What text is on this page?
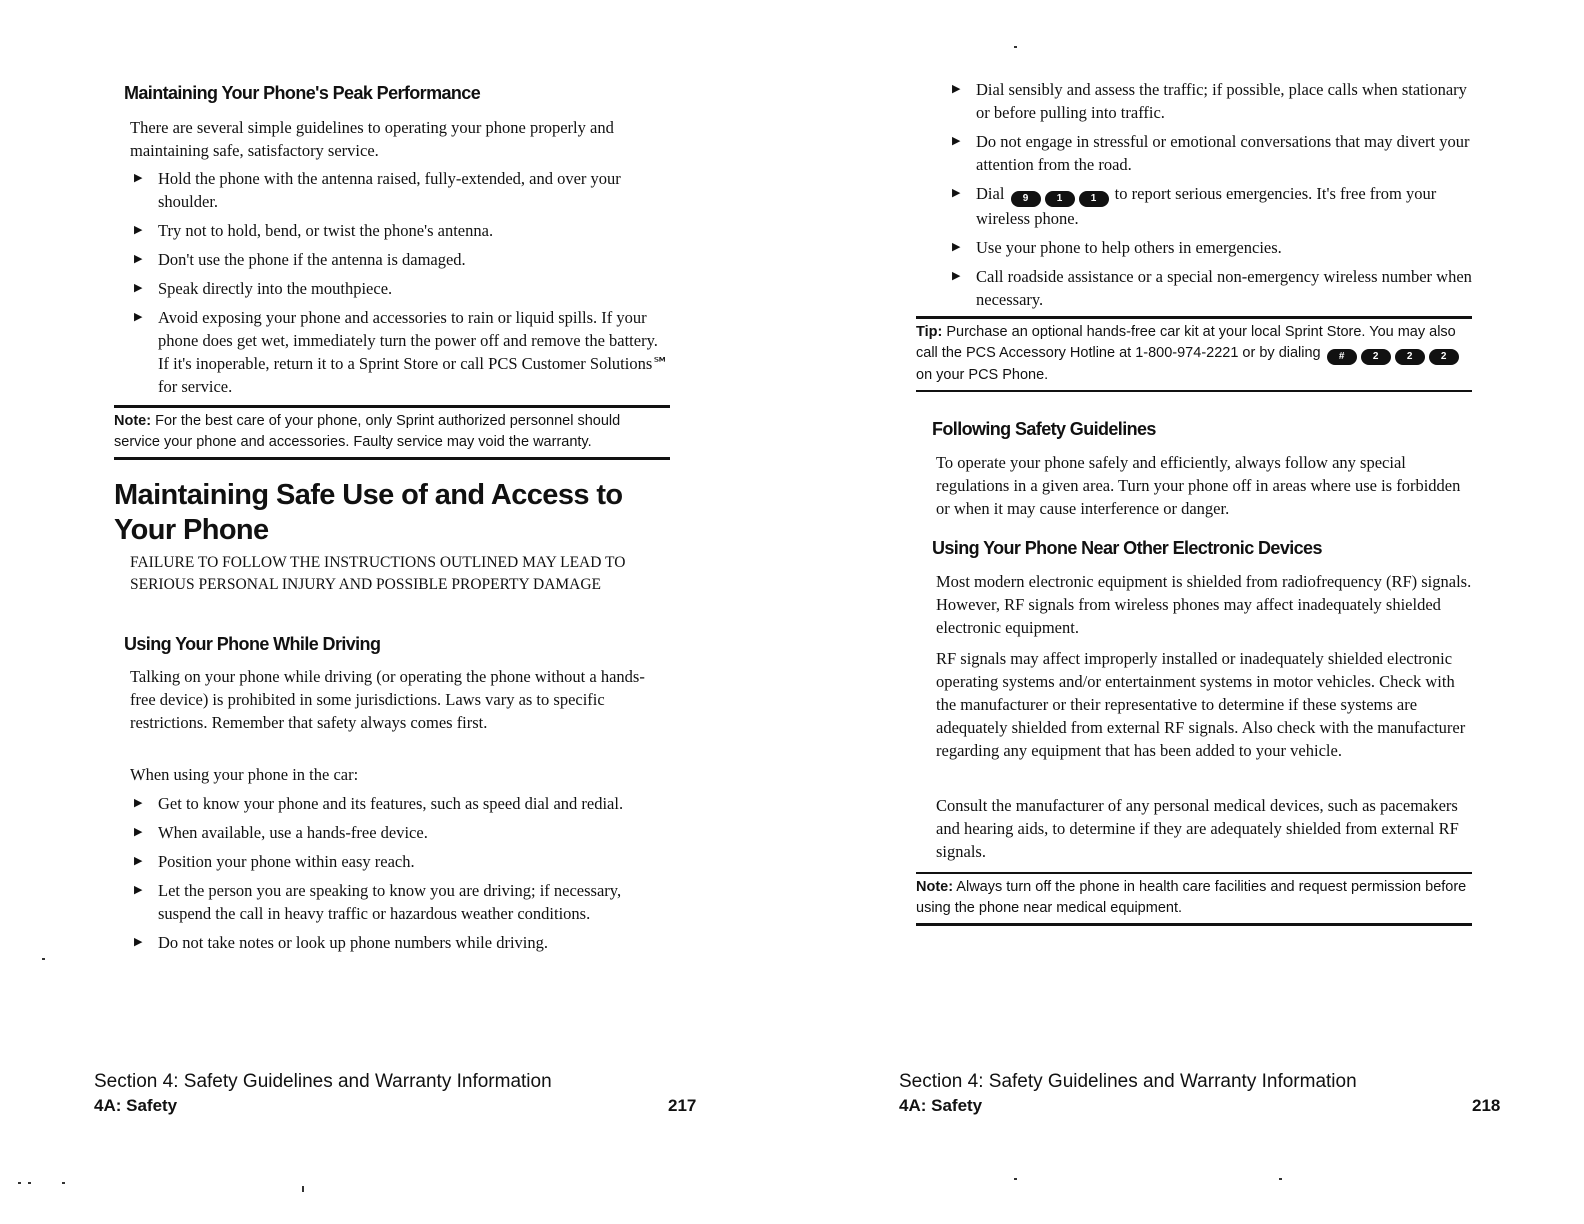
Maintaining Your Phone's Peak Performance

There are several simple guidelines to operating your phone properly and maintaining safe, satisfactory service.

▶ Hold the phone with the antenna raised, fully-extended, and over your shoulder.
▶ Try not to hold, bend, or twist the phone's antenna.
▶ Don't use the phone if the antenna is damaged.
▶ Speak directly into the mouthpiece.
▶ Avoid exposing your phone and accessories to rain or liquid spills. If your phone does get wet, immediately turn the power off and remove the battery. If it's inoperable, return it to a Sprint Store or call PCS Customer Solutions℠ for service.
Note: For the best care of your phone, only Sprint authorized personnel should service your phone and accessories. Faulty service may void the warranty.
Maintaining Safe Use of and Access to
Your Phone

FAILURE TO FOLLOW THE INSTRUCTIONS OUTLINED MAY LEAD TO SERIOUS PERSONAL INJURY AND POSSIBLE PROPERTY DAMAGE

Using Your Phone While Driving

Talking on your phone while driving (or operating the phone without a hands-free device) is prohibited in some jurisdictions. Laws vary as to specific restrictions. Remember that safety always comes first.

When using your phone in the car:

▶ Get to know your phone and its features, such as speed dial and redial.
▶ When available, use a hands-free device.
▶ Position your phone within easy reach.
▶ Let the person you are speaking to know you are driving; if necessary, suspend the call in heavy traffic or hazardous weather conditions.
▶ Do not take notes or look up phone numbers while driving.
Section 4: Safety Guidelines and Warranty Information
4A: Safety	217
▶ Dial sensibly and assess the traffic; if possible, place calls when stationary or before pulling into traffic.
▶ Do not engage in stressful or emotional conversations that may divert your attention from the road.
▶ Dial 9	1	1 to report serious emergencies. It's free from your wireless phone.
▶ Use your phone to help others in emergencies.
▶ Call roadside assistance or a special non-emergency wireless number when necessary.
Tip: Purchase an optional hands-free car kit at your local Sprint Store. You may also call the PCS Accessory Hotline at 1-800-974-2221 or by dialing #	2	2	2 on your PCS Phone.
Following Safety Guidelines

To operate your phone safely and efficiently, always follow any special regulations in a given area. Turn your phone off in areas where use is forbidden or when it may cause interference or danger.

Using Your Phone Near Other Electronic Devices

Most modern electronic equipment is shielded from radiofrequency (RF) signals. However, RF signals from wireless phones may affect inadequately shielded electronic equipment.

RF signals may affect improperly installed or inadequately shielded electronic operating systems and/or entertainment systems in motor vehicles. Check with the manufacturer or their representative to determine if these systems are adequately shielded from external RF signals. Also check with the manufacturer regarding any equipment that has been added to your vehicle.

Consult the manufacturer of any personal medical devices, such as pacemakers and hearing aids, to determine if they are adequately shielded from external RF signals.

Note: Always turn off the phone in health care facilities and request permission before using the phone near medical equipment.
Section 4: Safety Guidelines and Warranty Information
4A: Safety	218
